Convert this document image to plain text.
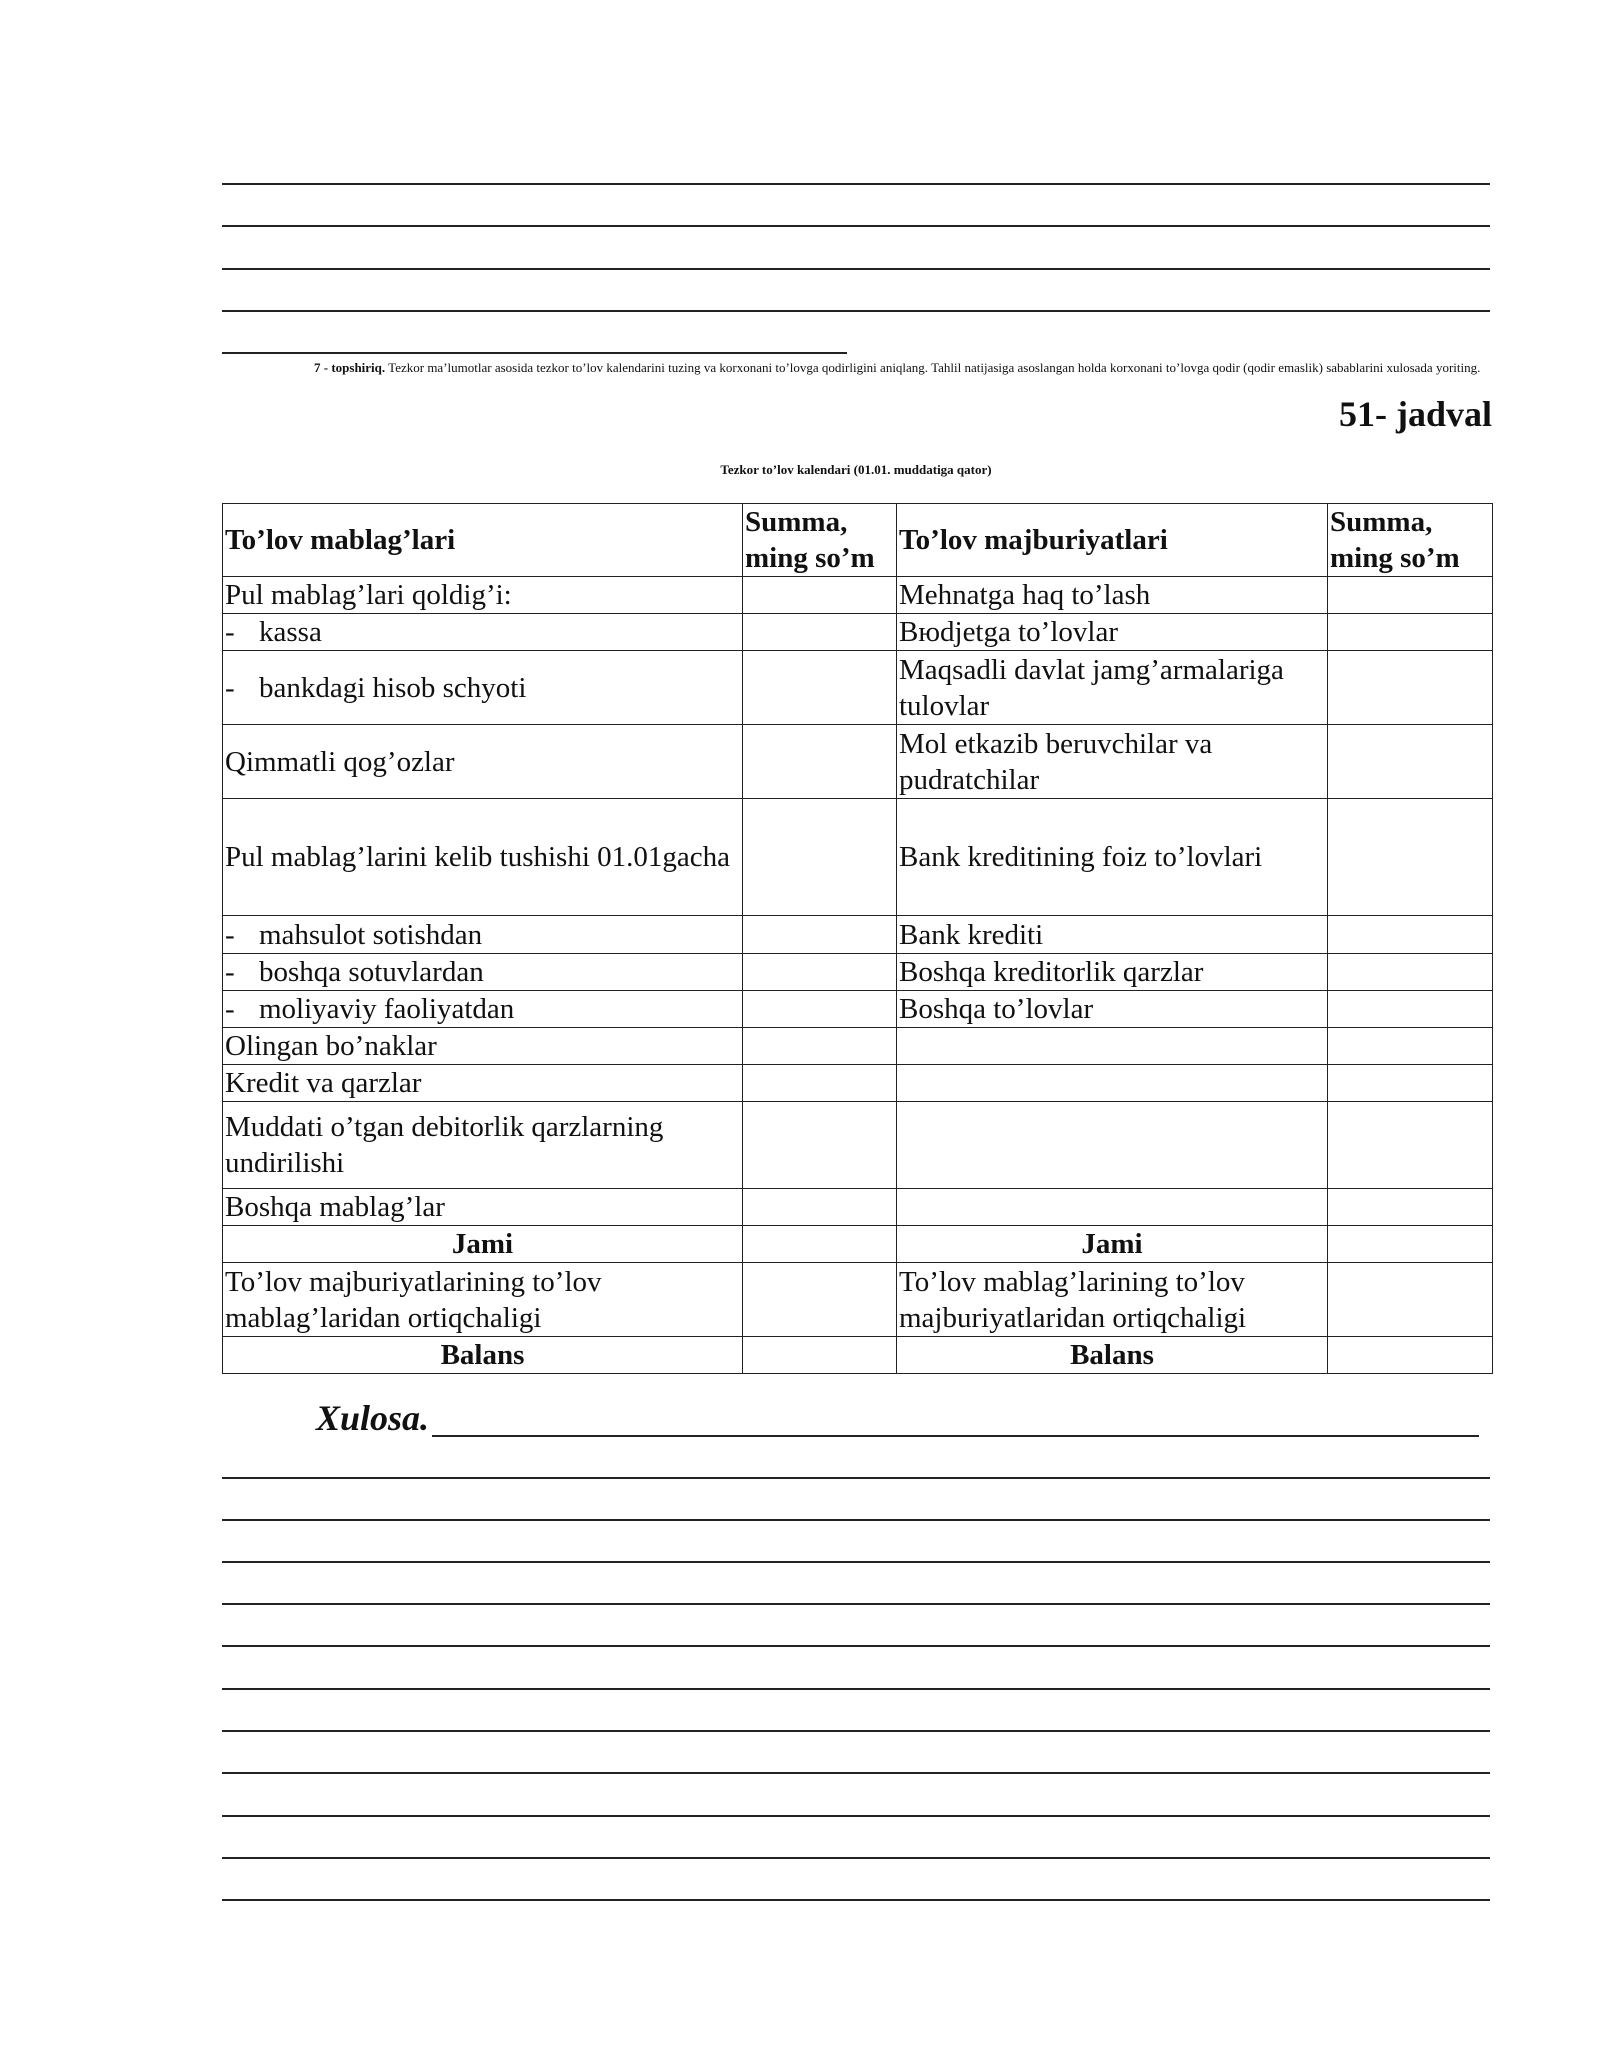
7 - topshiriq. Tezkor ma’lumotlar asosida tezkor to’lov kalendarini tuzing va korxonani to’lovga qodirligini aniqlang. Tahlil natijasiga asoslangan holda korxonani to’lovga qodir (qodir emaslik) sabablarini xulosada yoriting.
51- jadval
Tezkor to’lov kalendari (01.01. muddatiga qator)
To’lov mablag’lari	Summa, ming so’m	To’lov majburiyatlari	Summa, ming so’m
Pul mablag’lari qoldig’i:		Mehnatga haq to’lash	
- kassa		Bюdjetga to’lovlar	
- bankdagi hisob schyoti		Maqsadli davlat jamg’armalariga tulovlar	
Qimmatli qog’ozlar		Mol etkazib beruvchilar va pudratchilar	
Pul mablag’larini kelib tushishi 01.01gacha		Bank kreditining foiz to’lovlari	
- mahsulot sotishdan		Bank krediti	
- boshqa sotuvlardan		Boshqa kreditorlik qarzlar	
- moliyaviy faoliyatdan		Boshqa to’lovlar	
Olingan bo’naklar			
Kredit va qarzlar			
Muddati o’tgan debitorlik qarzlarning undirilishi			
Boshqa mablag’lar			
Jami		Jami	
To’lov majburiyatlarining to’lov mablag’laridan ortiqchaligi		To’lov mablag’larining to’lov majburiyatlaridan ortiqchaligi	
Balans		Balans	
Xulosa.
